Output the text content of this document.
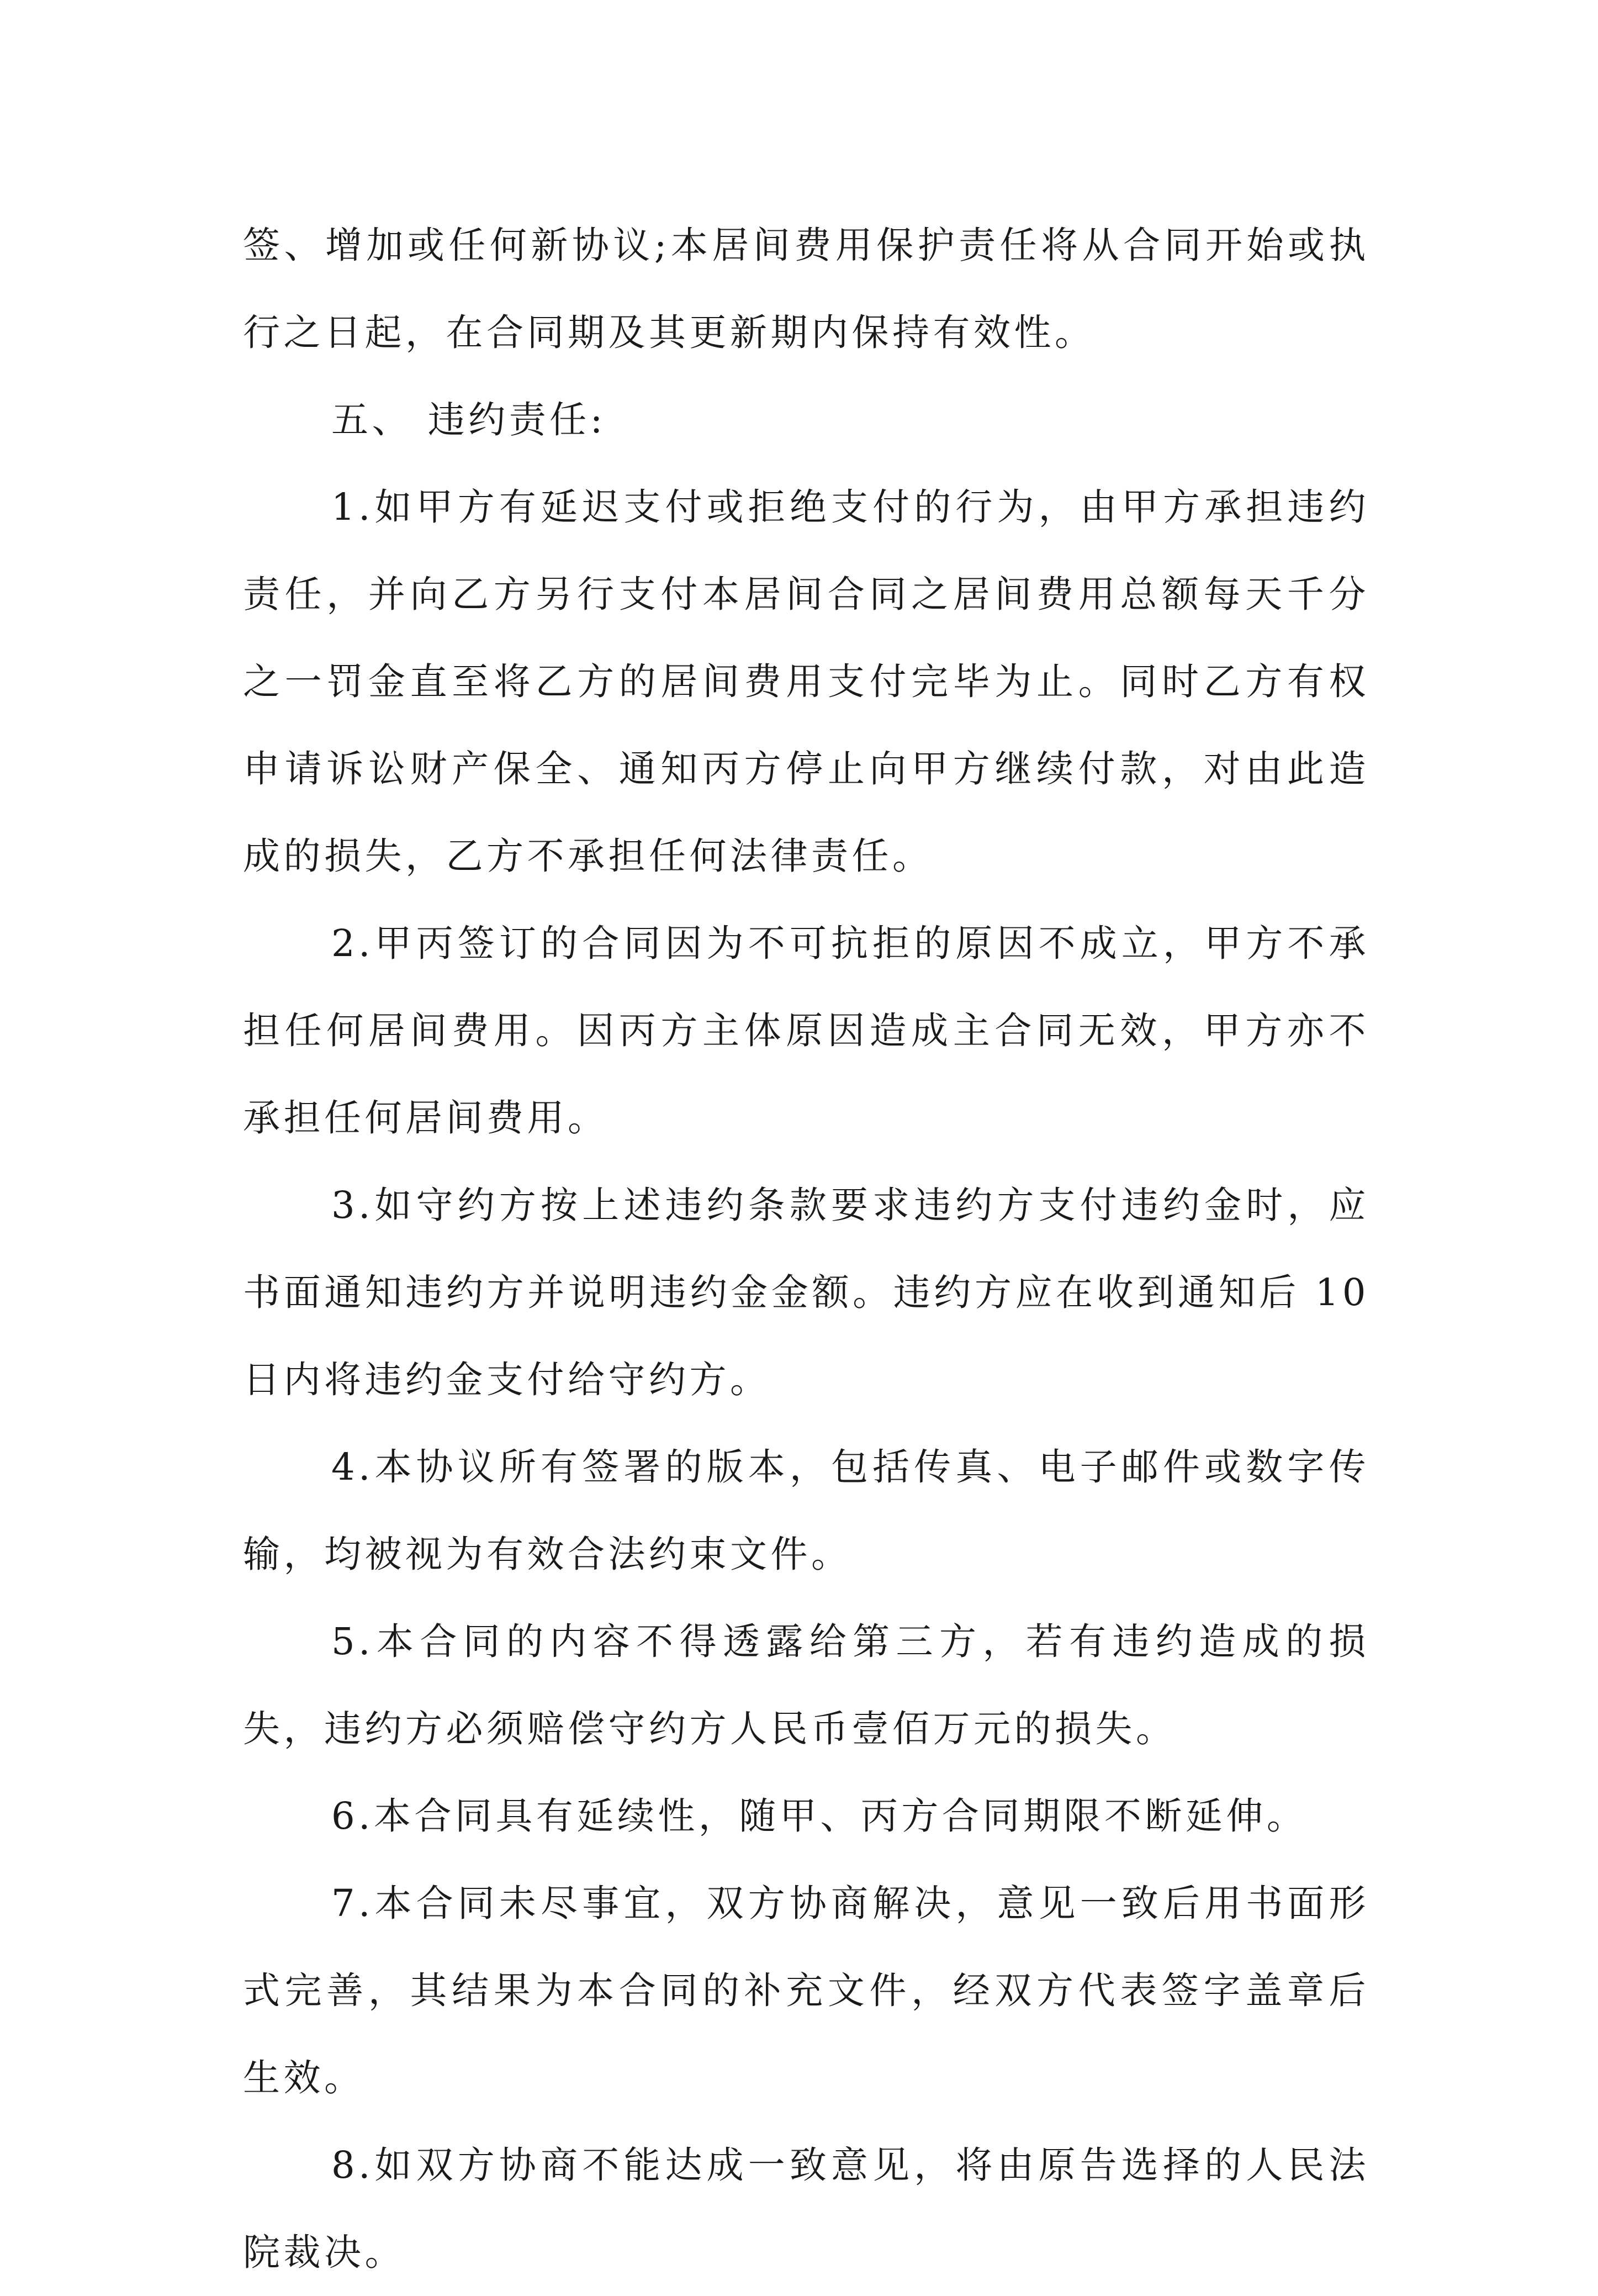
签、增加或任何新协议;本居间费用保护责任将从合同开始或执行之日起，在合同期及其更新期内保持有效性。

五、 违约责任:

1.如甲方有延迟支付或拒绝支付的行为，由甲方承担违约责任，并向乙方另行支付本居间合同之居间费用总额每天千分之一罚金直至将乙方的居间费用支付完毕为止。同时乙方有权申请诉讼财产保全、通知丙方停止向甲方继续付款，对由此造成的损失，乙方不承担任何法律责任。

2.甲丙签订的合同因为不可抗拒的原因不成立，甲方不承担任何居间费用。因丙方主体原因造成主合同无效，甲方亦不承担任何居间费用。

3.如守约方按上述违约条款要求违约方支付违约金时，应书面通知违约方并说明违约金金额。违约方应在收到通知后 10 日内将违约金支付给守约方。

4.本协议所有签署的版本，包括传真、电子邮件或数字传输，均被视为有效合法约束文件。

5.本合同的内容不得透露给第三方，若有违约造成的损失，违约方必须赔偿守约方人民币壹佰万元的损失。

6.本合同具有延续性，随甲、丙方合同期限不断延伸。

7.本合同未尽事宜，双方协商解决，意见一致后用书面形式完善，其结果为本合同的补充文件，经双方代表签字盖章后生效。

8.如双方协商不能达成一致意见，将由原告选择的人民法院裁决。
